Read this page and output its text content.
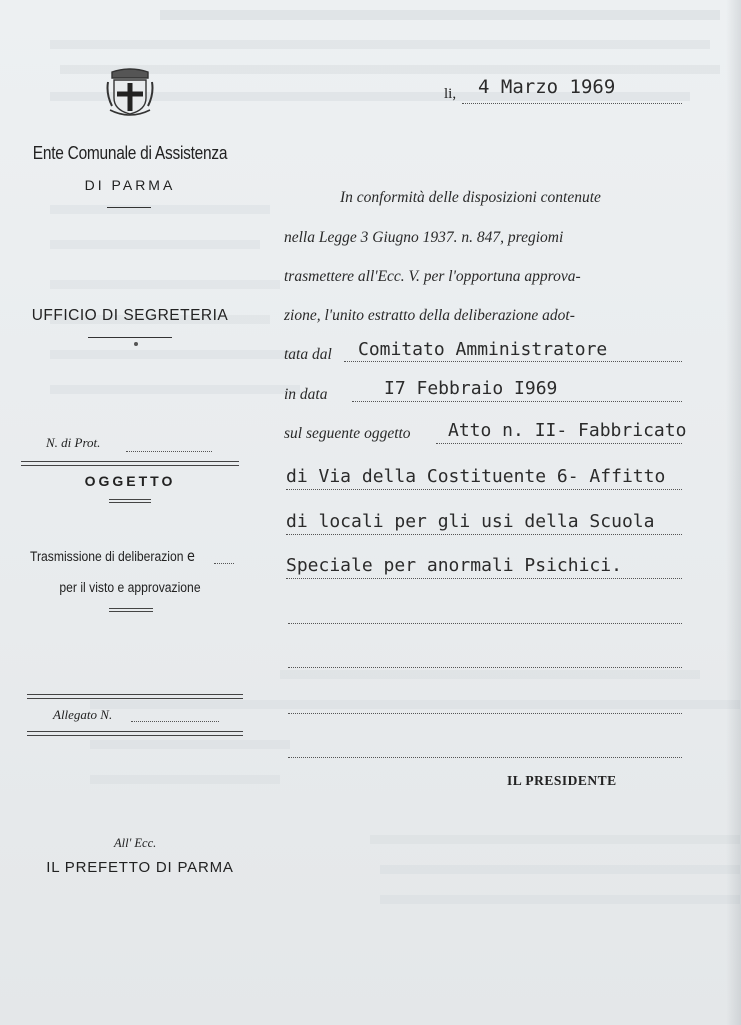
li, 4 Marzo 1969
Ente Comunale di Assistenza
DI PARMA
UFFICIO DI SEGRETERIA
N. di Prot.
OGGETTO
Trasmissione di deliberazion e
per il visto e approvazione
Allegato N.
All' Ecc.
IL PREFETTO DI PARMA
In conformità delle disposizioni contenute
nella Legge 3 Giugno 1937. n. 847, pregiomi
trasmettere all'Ecc. V. per l'opportuna approva-
zione, l'unito estratto della deliberazione adot-
tata dal Comitato Amministratore
in data	I7 Febbraio I969
sul seguente oggetto Atto n. II- Fabbricato
di Via della Costituente 6- Affitto
di locali per gli usi della Scuola
Speciale per anormali Psichici.
IL PRESIDENTE
